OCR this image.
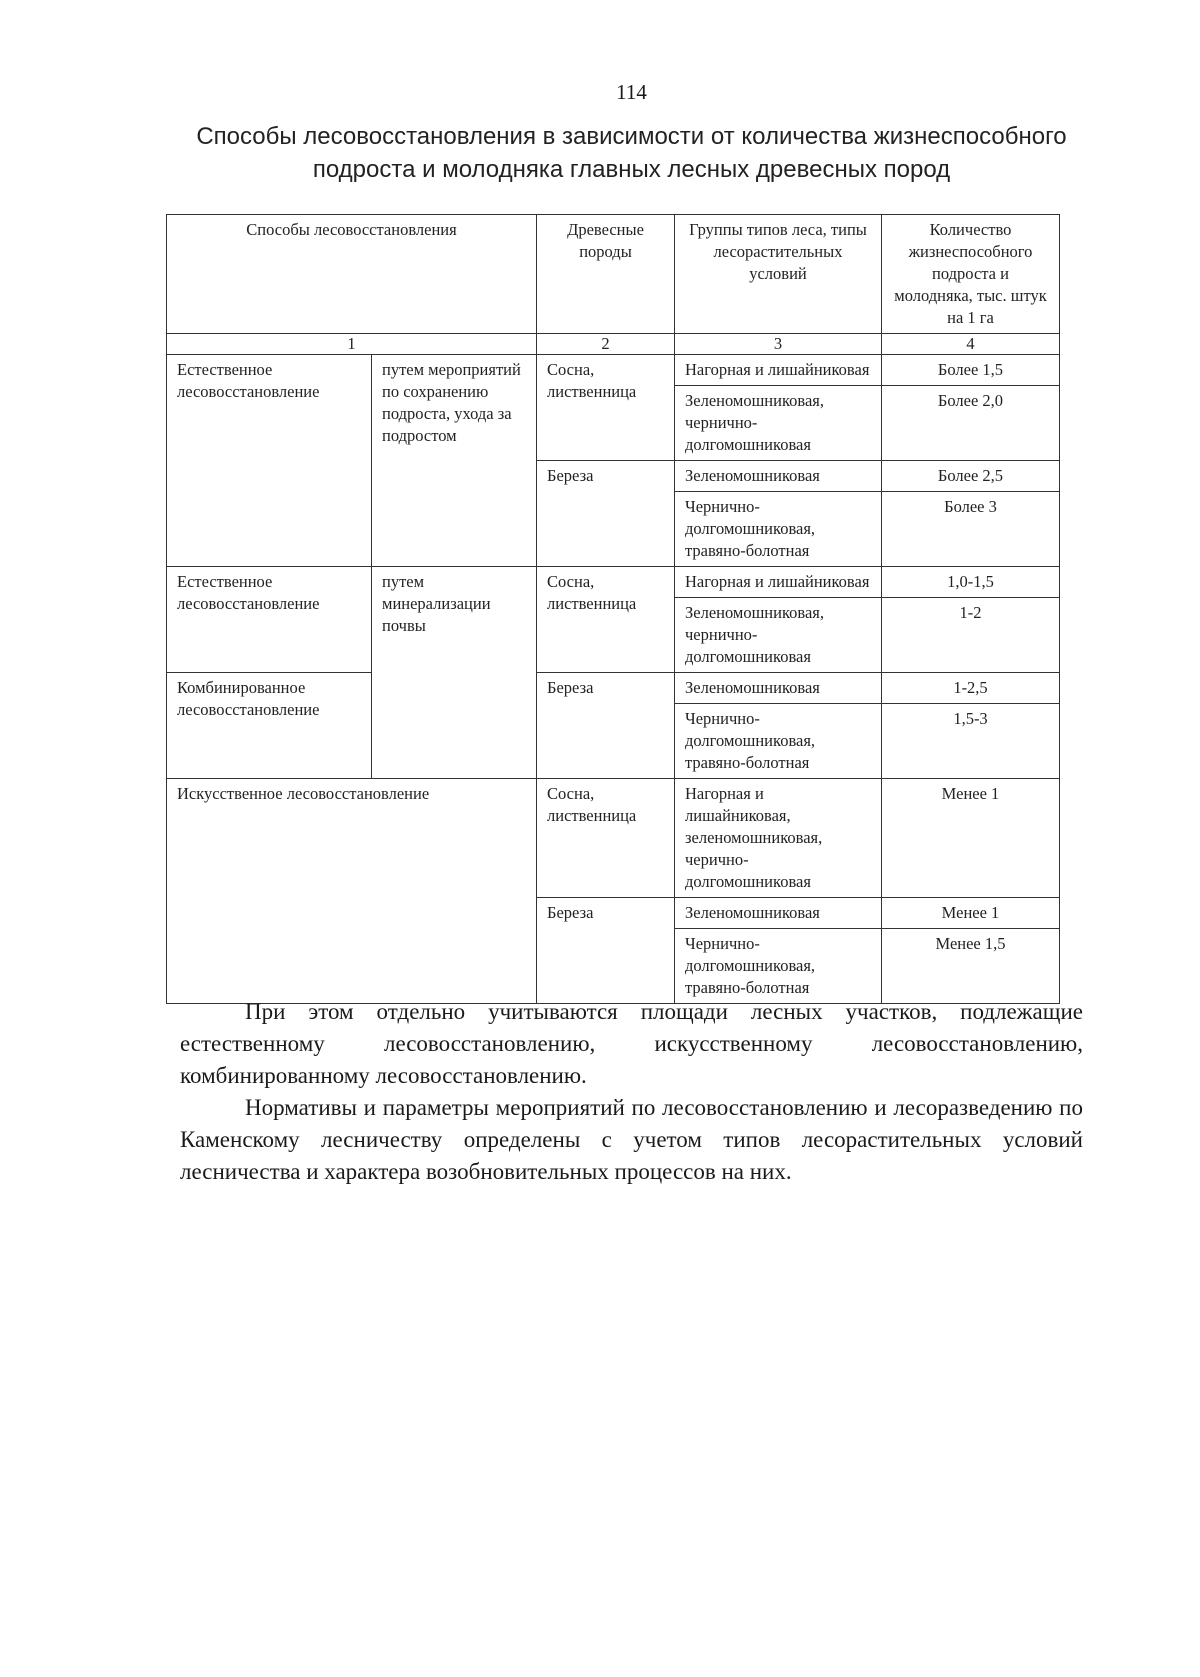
114
Способы лесовосстановления в зависимости от количества жизнеспособного
подроста и молодняка главных лесных древесных пород
Способы лесовосстановления		Древесные породы	Группы типов леса, типы лесорастительных условий	Количество жизнеспособного подроста и молодняка, тыс. штук на 1 га
1		2	3	4
Естественное лесовосстановление	путем мероприятий по сохранению подроста, ухода за подростом	Сосна, лиственница	Нагорная и лишайниковая	Более 1,5
			Зеленомошниковая, чернично-долгомошниковая	Более 2,0
		Береза	Зеленомошниковая	Более 2,5
			Чернично-долгомошниковая, травяно-болотная	Более 3
Естественное лесовосстановление	путем минерализации почвы	Сосна, лиственница	Нагорная и лишайниковая	1,0-1,5
			Зеленомошниковая, чернично-долгомошниковая	1-2
Комбинированное лесовосстановление		Береза	Зеленомошниковая	1-2,5
			Чернично-долгомошниковая, травяно-болотная	1,5-3
Искусственное лесовосстановление		Сосна, лиственница	Нагорная и лишайниковая, зеленомошниковая, черично-долгомошниковая	Менее 1
		Береза	Зеленомошниковая	Менее 1
			Чернично-долгомошниковая, травяно-болотная	Менее 1,5

При этом отдельно учитываются площади лесных участков, подлежащие естественному лесовосстановлению, искусственному лесовосстановлению, комбинированному лесовосстановлению.

Нормативы и параметры мероприятий по лесовосстановлению и лесоразведению по Каменскому лесничеству определены с учетом типов лесорастительных условий лесничества и характера возобновительных процессов на них.
